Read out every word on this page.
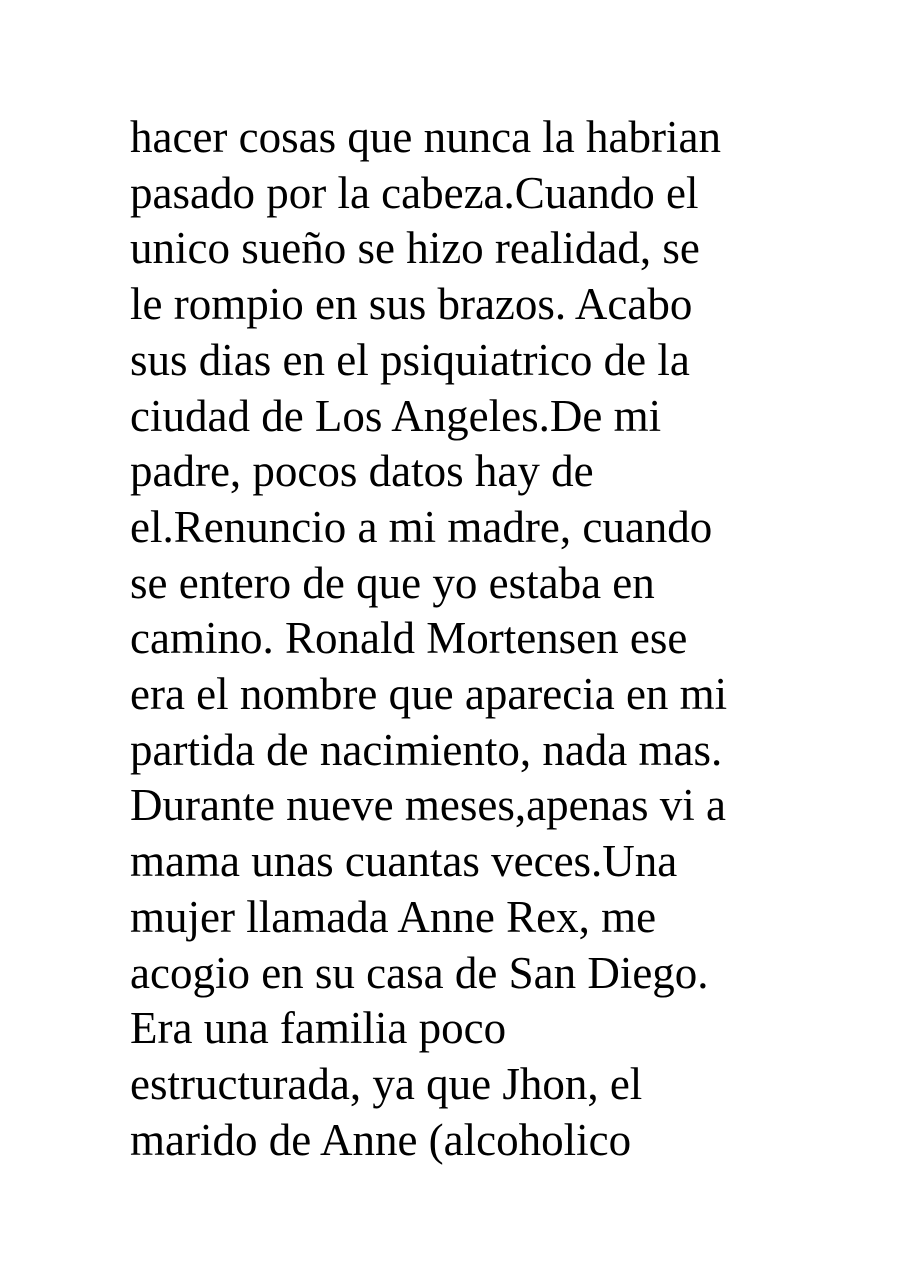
hacer cosas que nunca la habrian
pasado por la cabeza.Cuando el
unico sueño se hizo realidad, se
le rompio en sus brazos. Acabo
sus dias en el psiquiatrico de la
ciudad de Los Angeles.De mi
padre, pocos datos hay de
el.Renuncio a mi madre, cuando
se entero de que yo estaba en
camino. Ronald Mortensen ese
era el nombre que aparecia en mi
partida de nacimiento, nada mas.
Durante nueve meses,apenas vi a
mama unas cuantas veces.Una
mujer llamada Anne Rex, me
acogio en su casa de San Diego.
Era una familia poco
estructurada, ya que Jhon, el
marido de Anne (alcoholico
